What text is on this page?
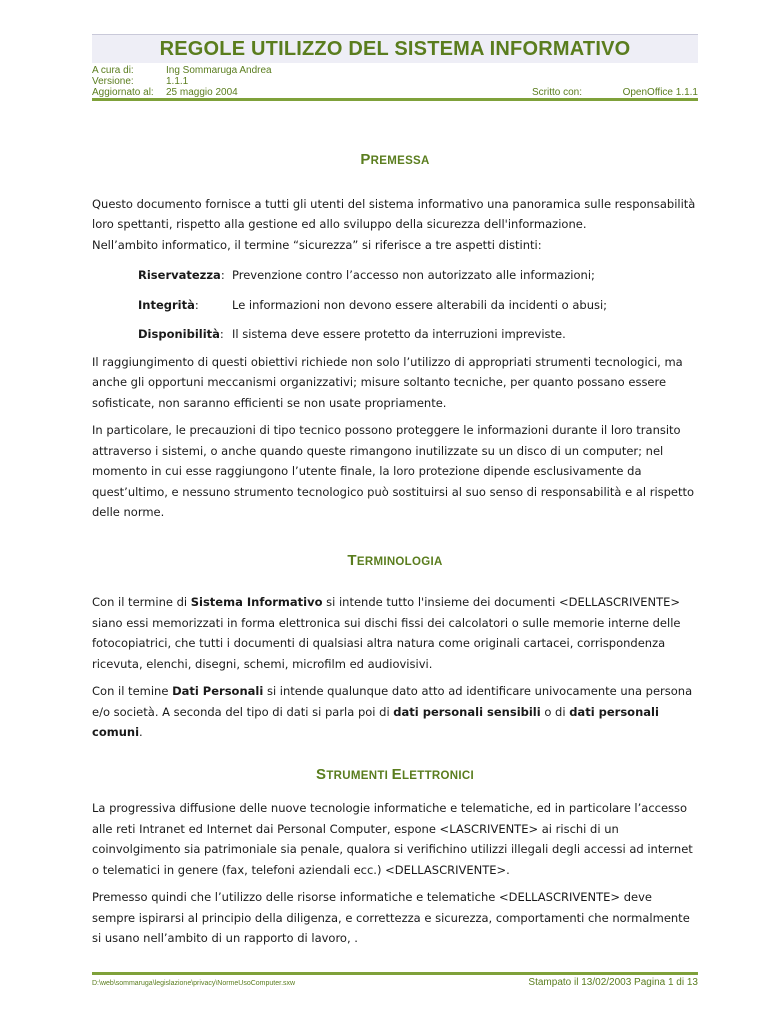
REGOLE UTILIZZO DEL SISTEMA INFORMATIVO
A cura di:	Ing Sommaruga Andrea
Versione:	1.1.1
Aggiornato al: 25 maggio 2004	Scritto con:	OpenOffice 1.1.1
PREMESSA

Questo documento fornisce a tutti gli utenti del sistema informativo una panoramica sulle responsabilità loro spettanti, rispetto alla gestione ed allo sviluppo della sicurezza dell'informazione.

Nell’ambito informatico, il termine “sicurezza” si riferisce a tre aspetti distinti:

Riservatezza: Prevenzione contro l’accesso non autorizzato alle informazioni;
Integrità:	Le informazioni non devono essere alterabili da incidenti o abusi;
Disponibilità: Il sistema deve essere protetto da interruzioni impreviste.

Il raggiungimento di questi obiettivi richiede non solo l’utilizzo di appropriati strumenti tecnologici, ma anche gli opportuni meccanismi organizzativi; misure soltanto tecniche, per quanto possano essere sofisticate, non saranno efficienti se non usate propriamente.

In particolare, le precauzioni di tipo tecnico possono proteggere le informazioni durante il loro transito attraverso i sistemi, o anche quando queste rimangono inutilizzate su un disco di un computer; nel momento in cui esse raggiungono l’utente finale, la loro protezione dipende esclusivamente da quest’ultimo, e nessuno strumento tecnologico può sostituirsi al suo senso di responsabilità e al rispetto delle norme.

TERMINOLOGIA

Con il termine di Sistema Informativo si intende tutto l'insieme dei documenti <DELLASCRIVENTE> siano essi memorizzati in forma elettronica sui dischi fissi dei calcolatori o sulle memorie interne delle fotocopiatrici, che tutti i documenti di qualsiasi altra natura come originali cartacei, corrispondenza ricevuta, elenchi, disegni, schemi, microfilm ed audiovisivi.

Con il temine Dati Personali si intende qualunque dato atto ad identificare univocamente una persona e/o società. A seconda del tipo di dati si parla poi di dati personali sensibili o di dati personali comuni.

STRUMENTI ELETTRONICI

La progressiva diffusione delle nuove tecnologie informatiche e telematiche, ed in particolare l’accesso alle reti Intranet ed Internet dai Personal Computer, espone <LASCRIVENTE> ai rischi di un coinvolgimento sia patrimoniale sia penale, qualora si verifichino utilizzi illegali degli accessi ad internet o telematici in genere (fax, telefoni aziendali ecc.) <DELLASCRIVENTE>.

Premesso quindi che l’utilizzo delle risorse informatiche e telematiche <DELLASCRIVENTE> deve sempre ispirarsi al principio della diligenza, e correttezza e sicurezza, comportamenti che normalmente si usano nell’ambito di un rapporto di lavoro, .

D:\web\sommaruga\legislazione\privacy\NormeUsoComputer.sxw	Stampato il 13/02/2003 Pagina 1 di 13
